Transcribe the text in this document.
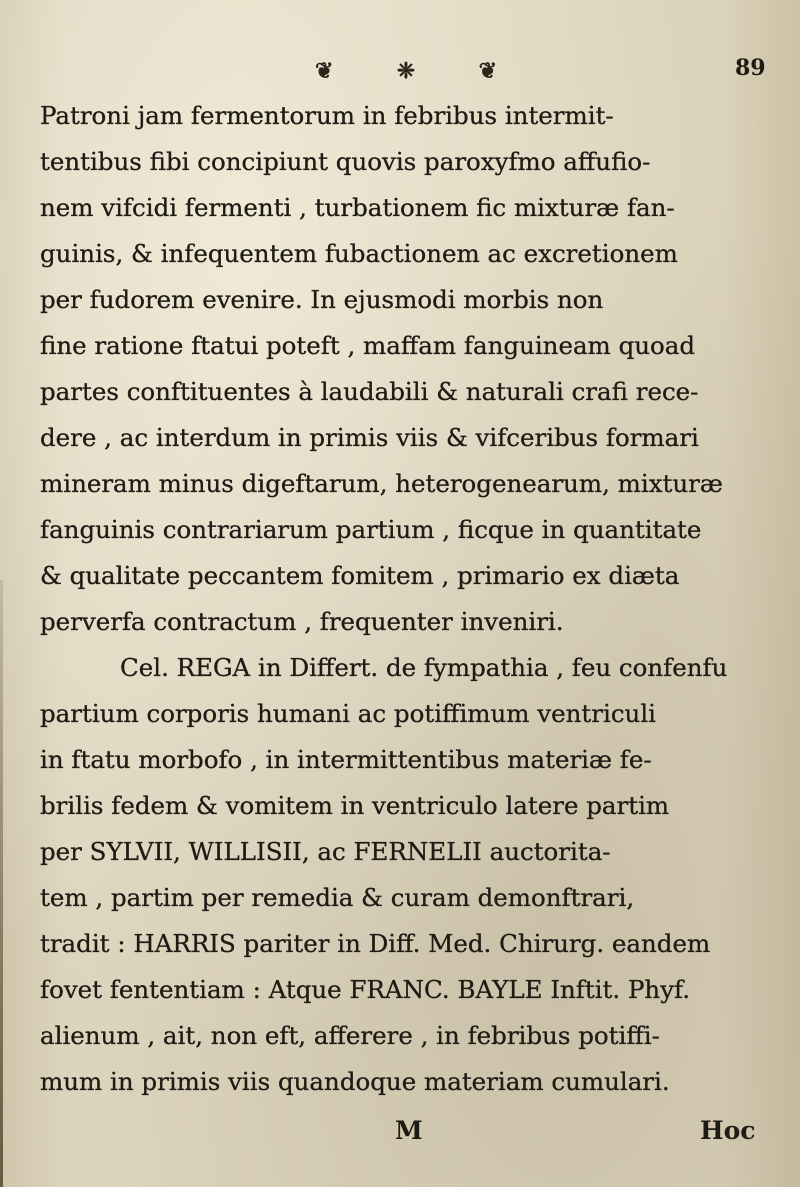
❦	❈	❦	89
Patroni jam fermentorum in febribus intermit-
tentibus fibi concipiunt quovis paroxyfmo affufio-
nem vifcidi fermenti , turbationem fic mixturæ fan-
guinis, & infequentem fubactionem ac excretionem
per fudorem evenire. In ejusmodi morbis non
fine ratione ftatui poteft , maffam fanguineam quoad
partes conftituentes à laudabili & naturali crafi rece-
dere , ac interdum in primis viis & vifceribus formari
mineram minus digeftarum, heterogenearum, mixturæ
fanguinis contrariarum partium , ficque in quantitate
& qualitate peccantem fomitem , primario ex diæta
perverfa contractum , frequenter inveniri.
Cel. REGA in Differt. de fympathia , feu confenfu
partium corporis humani ac potiffimum ventriculi
in ftatu morbofo , in intermittentibus materiæ fe-
brilis fedem & vomitem in ventriculo latere partim
per SYLVII, WILLISII, ac FERNELII auctorita-
tem , partim per remedia & curam demonftrari,
tradit : HARRIS pariter in Diff. Med. Chirurg. eandem
fovet fententiam : Atque FRANC. BAYLE Inftit. Phyf.
alienum , ait, non eft, afferere , in febribus potiffi-
mum in primis viis quandoque materiam cumulari.
M	Hoc
